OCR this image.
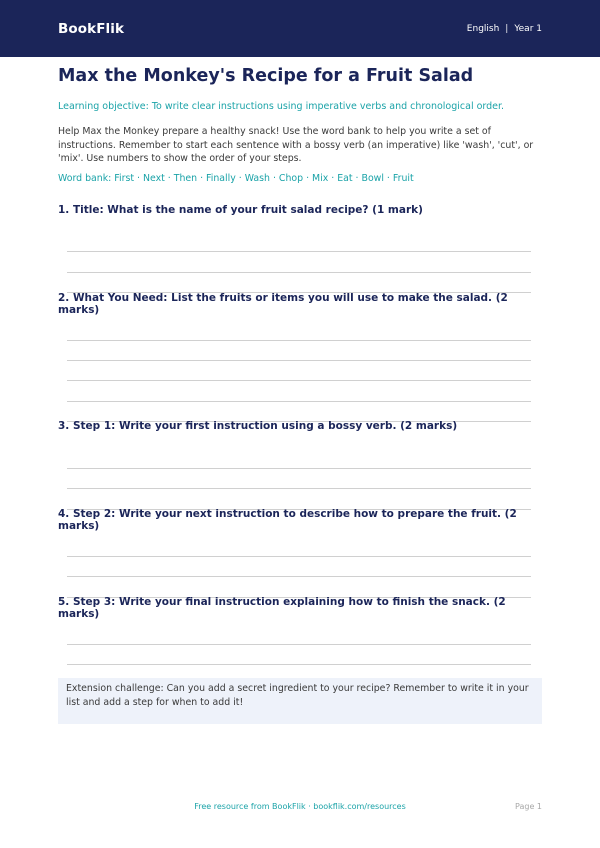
BookFlik	English | Year 1
Max the Monkey's Recipe for a Fruit Salad
Learning objective: To write clear instructions using imperative verbs and chronological order.
Help Max the Monkey prepare a healthy snack! Use the word bank to help you write a set of instructions. Remember to start each sentence with a bossy verb (an imperative) like 'wash', 'cut', or 'mix'. Use numbers to show the order of your steps.
Word bank: First · Next · Then · Finally · Wash · Chop · Mix · Eat · Bowl · Fruit
1. Title: What is the name of your fruit salad recipe? (1 mark)
2. What You Need: List the fruits or items you will use to make the salad. (2 marks)
3. Step 1: Write your first instruction using a bossy verb. (2 marks)
4. Step 2: Write your next instruction to describe how to prepare the fruit. (2 marks)
5. Step 3: Write your final instruction explaining how to finish the snack. (2 marks)
Extension challenge: Can you add a secret ingredient to your recipe? Remember to write it in your list and add a step for when to add it!
Free resource from BookFlik · bookflik.com/resources	Page 1
